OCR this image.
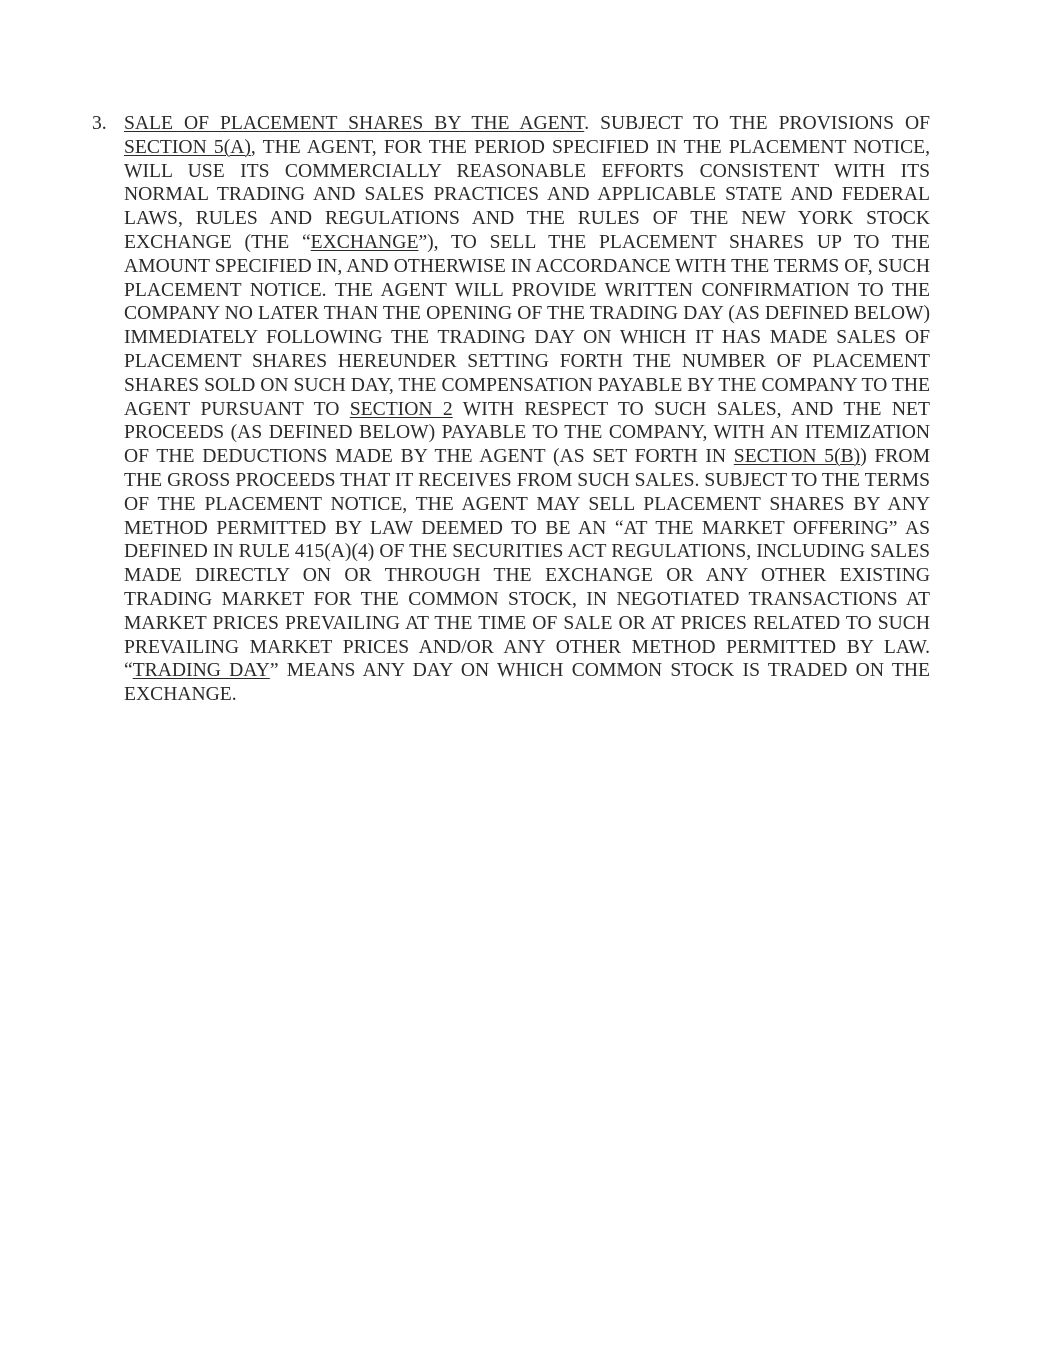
3. SALE OF PLACEMENT SHARES BY THE AGENT. SUBJECT TO THE PROVISIONS OF SECTION 5(A), THE AGENT, FOR THE PERIOD SPECIFIED IN THE PLACEMENT NOTICE, WILL USE ITS COMMERCIALLY REASONABLE EFFORTS CONSISTENT WITH ITS NORMAL TRADING AND SALES PRACTICES AND APPLICABLE STATE AND FEDERAL LAWS, RULES AND REGULATIONS AND THE RULES OF THE NEW YORK STOCK EXCHANGE (THE “EXCHANGE”), TO SELL THE PLACEMENT SHARES UP TO THE AMOUNT SPECIFIED IN, AND OTHERWISE IN ACCORDANCE WITH THE TERMS OF, SUCH PLACEMENT NOTICE. THE AGENT WILL PROVIDE WRITTEN CONFIRMATION TO THE COMPANY NO LATER THAN THE OPENING OF THE TRADING DAY (AS DEFINED BELOW) IMMEDIATELY FOLLOWING THE TRADING DAY ON WHICH IT HAS MADE SALES OF PLACEMENT SHARES HEREUNDER SETTING FORTH THE NUMBER OF PLACEMENT SHARES SOLD ON SUCH DAY, THE COMPENSATION PAYABLE BY THE COMPANY TO THE AGENT PURSUANT TO SECTION 2 WITH RESPECT TO SUCH SALES, AND THE NET PROCEEDS (AS DEFINED BELOW) PAYABLE TO THE COMPANY, WITH AN ITEMIZATION OF THE DEDUCTIONS MADE BY THE AGENT (AS SET FORTH IN SECTION 5(B)) FROM THE GROSS PROCEEDS THAT IT RECEIVES FROM SUCH SALES. SUBJECT TO THE TERMS OF THE PLACEMENT NOTICE, THE AGENT MAY SELL PLACEMENT SHARES BY ANY METHOD PERMITTED BY LAW DEEMED TO BE AN “AT THE MARKET OFFERING” AS DEFINED IN RULE 415(A)(4) OF THE SECURITIES ACT REGULATIONS, INCLUDING SALES MADE DIRECTLY ON OR THROUGH THE EXCHANGE OR ANY OTHER EXISTING TRADING MARKET FOR THE COMMON STOCK, IN NEGOTIATED TRANSACTIONS AT MARKET PRICES PREVAILING AT THE TIME OF SALE OR AT PRICES RELATED TO SUCH PREVAILING MARKET PRICES AND/OR ANY OTHER METHOD PERMITTED BY LAW. “TRADING DAY” MEANS ANY DAY ON WHICH COMMON STOCK IS TRADED ON THE EXCHANGE.
